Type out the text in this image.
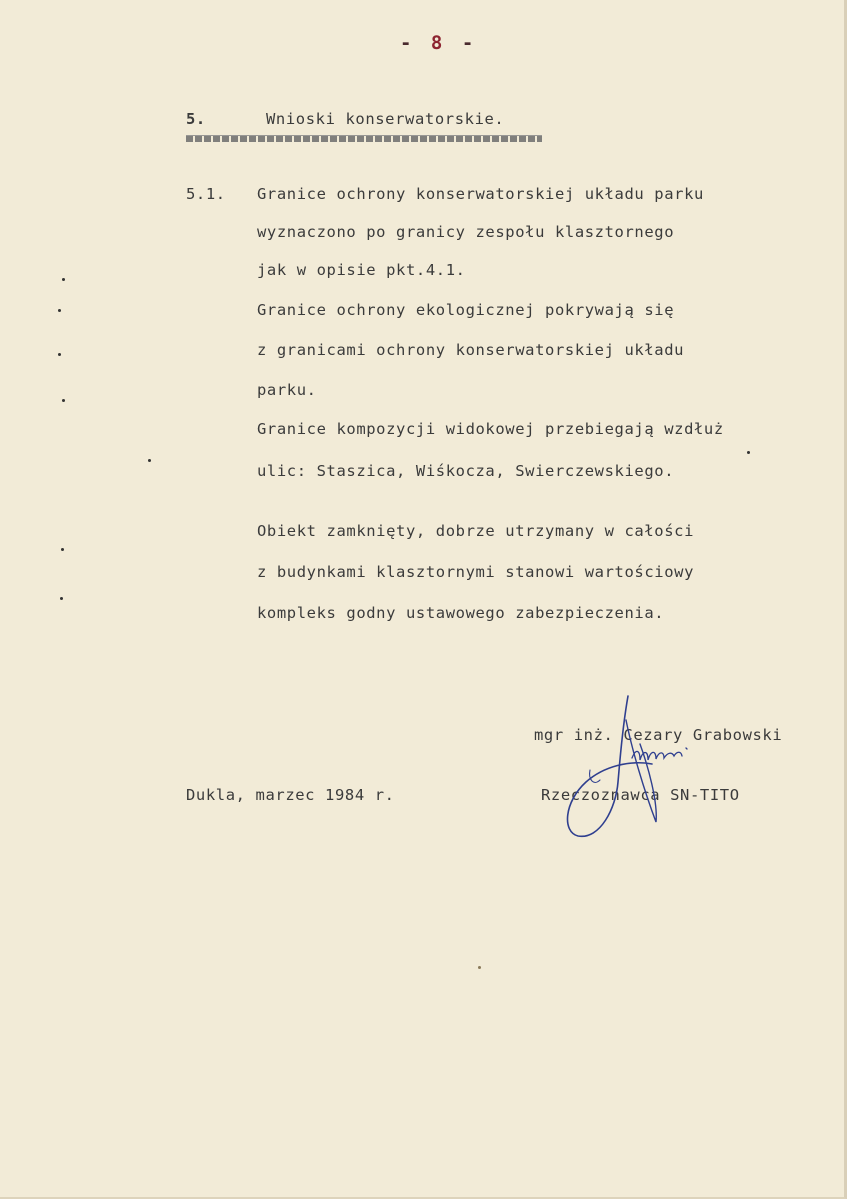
- 8 -
5.	Wnioski konserwatorskie.
5.1. Granice ochrony konserwatorskiej układu parku
wyznaczono po granicy zespołu klasztornego
jak w opisie pkt.4.1.
Granice ochrony ekologicznej pokrywają się
z granicami ochrony konserwatorskiej układu
parku.
Granice kompozycji widokowej przebiegają wzdłuż
ulic: Staszica, Wiśkocza, Swierczewskiego.
Obiekt zamknięty, dobrze utrzymany w całości
z budynkami klasztornymi stanowi wartościowy
kompleks godny ustawowego zabezpieczenia.
mgr inż. Cezary Grabowski
Rzeczoznawca SN-TITO
Dukla, marzec 1984 r.
